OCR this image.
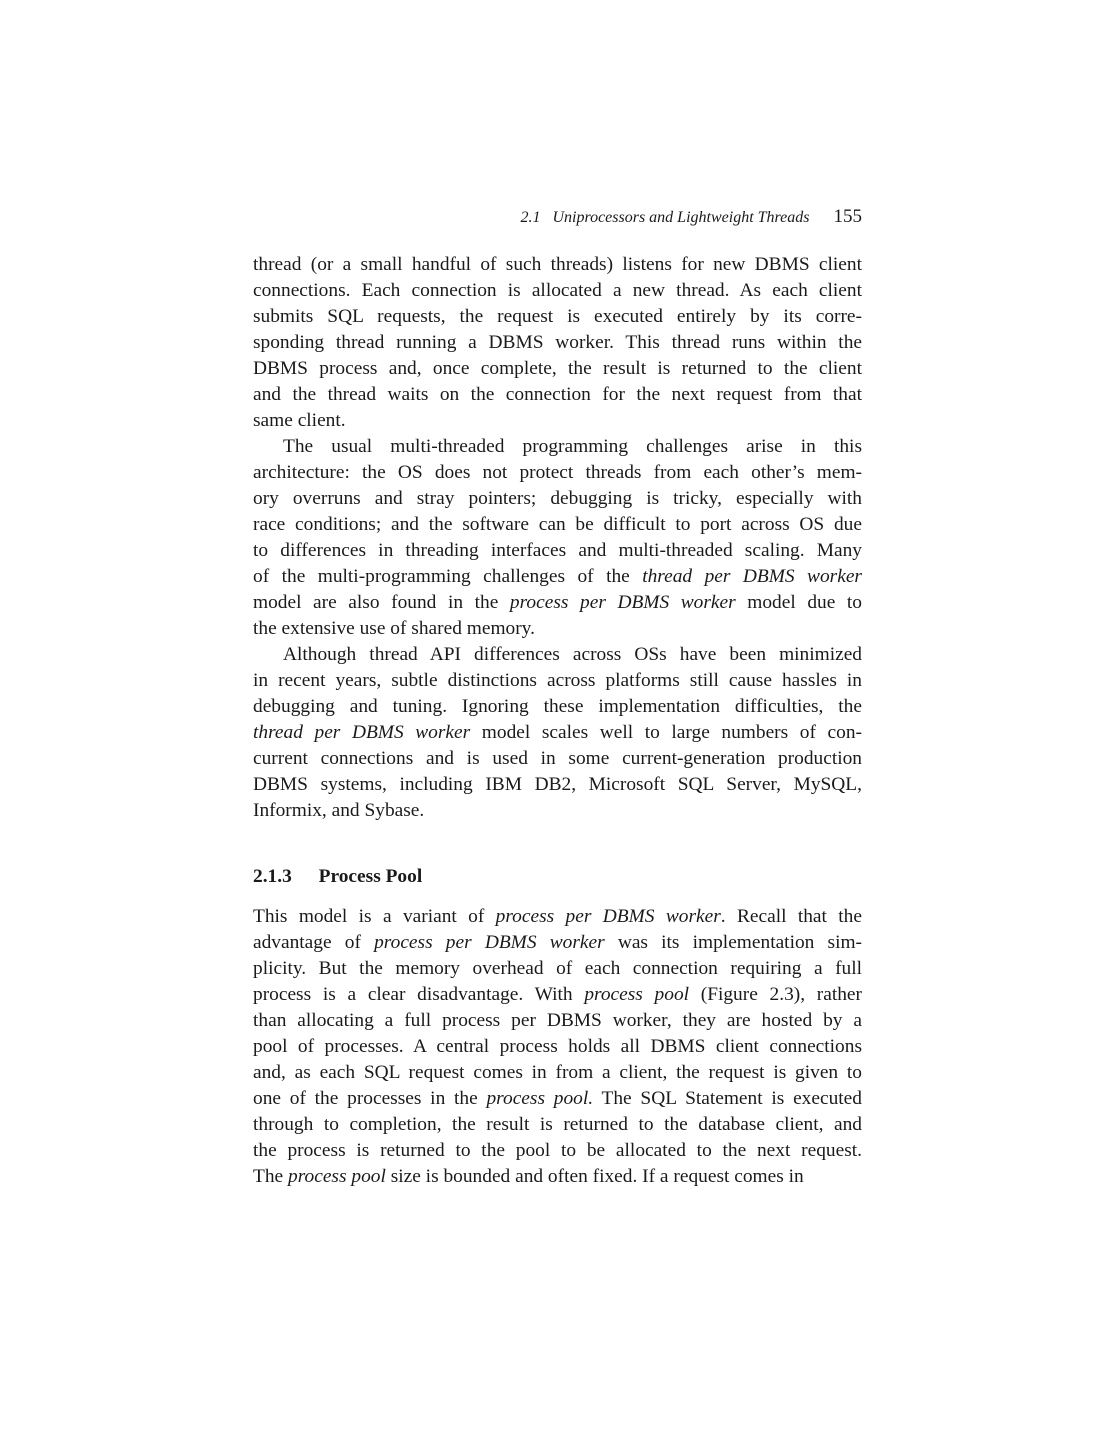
2.1 Uniprocessors and Lightweight Threads 155
thread (or a small handful of such threads) listens for new DBMS client
connections. Each connection is allocated a new thread. As each client
submits SQL requests, the request is executed entirely by its corre-
sponding thread running a DBMS worker. This thread runs within the
DBMS process and, once complete, the result is returned to the client
and the thread waits on the connection for the next request from that
same client.
The usual multi-threaded programming challenges arise in this
architecture: the OS does not protect threads from each other’s mem-
ory overruns and stray pointers; debugging is tricky, especially with
race conditions; and the software can be difficult to port across OS due
to differences in threading interfaces and multi-threaded scaling. Many
of the multi-programming challenges of the thread per DBMS worker
model are also found in the process per DBMS worker model due to
the extensive use of shared memory.
Although thread API differences across OSs have been minimized
in recent years, subtle distinctions across platforms still cause hassles in
debugging and tuning. Ignoring these implementation difficulties, the
thread per DBMS worker model scales well to large numbers of con-
current connections and is used in some current-generation production
DBMS systems, including IBM DB2, Microsoft SQL Server, MySQL,
Informix, and Sybase.
This model is a variant of process per DBMS worker. Recall that the
advantage of process per DBMS worker was its implementation sim-
plicity. But the memory overhead of each connection requiring a full
process is a clear disadvantage. With process pool (Figure 2.3), rather
than allocating a full process per DBMS worker, they are hosted by a
pool of processes. A central process holds all DBMS client connections
and, as each SQL request comes in from a client, the request is given to
one of the processes in the process pool. The SQL Statement is executed
through to completion, the result is returned to the database client, and
the process is returned to the pool to be allocated to the next request.
The process pool size is bounded and often fixed. If a request comes in
2.1.3 Process Pool
